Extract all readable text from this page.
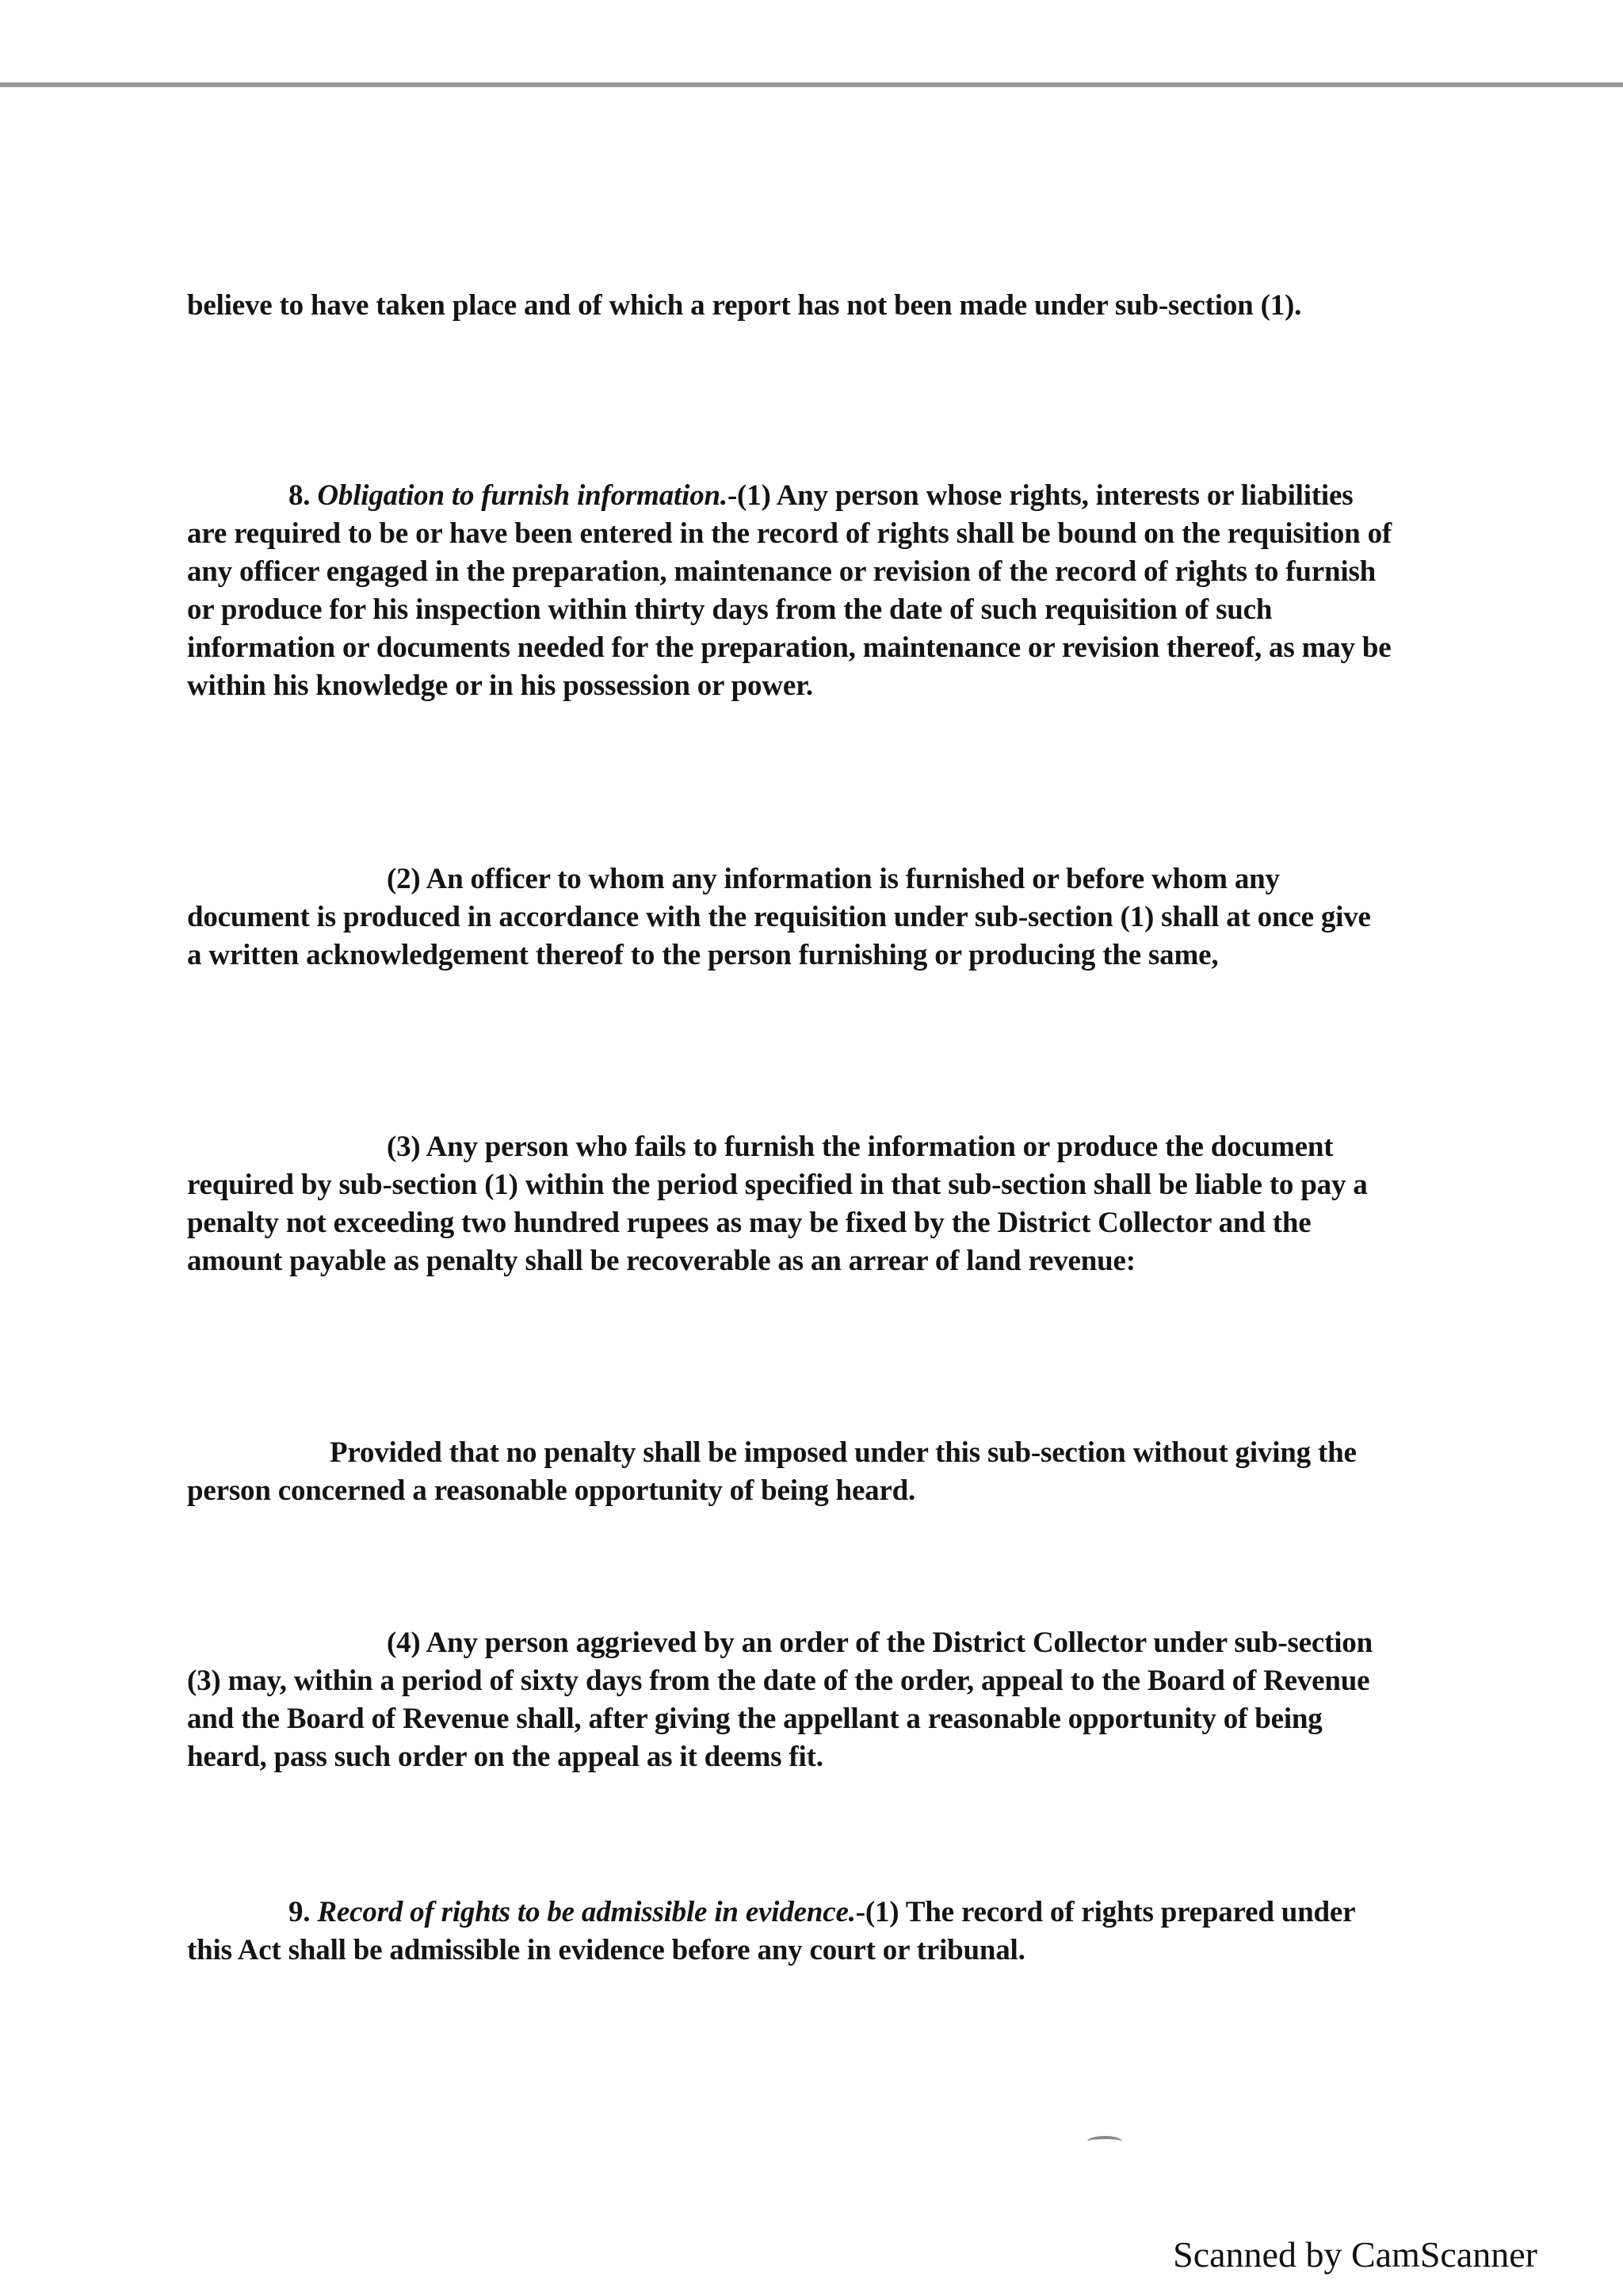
believe to have taken place and of which a report has not been made under sub-section (1).

8. Obligation to furnish information.-(1) Any person whose rights, interests or liabilities are required to be or have been entered in the record of rights shall be bound on the requisition of any officer engaged in the preparation, maintenance or revision of the record of rights to furnish or produce for his inspection within thirty days from the date of such requisition of such information or documents needed for the preparation, maintenance or revision thereof, as may be within his knowledge or in his possession or power.

(2) An officer to whom any information is furnished or before whom any document is produced in accordance with the requisition under sub-section (1) shall at once give a written acknowledgement thereof to the person furnishing or producing the same,

(3) Any person who fails to furnish the information or produce the document required by sub-section (1) within the period specified in that sub-section shall be liable to pay a penalty not exceeding two hundred rupees as may be fixed by the District Collector and the amount payable as penalty shall be recoverable as an arrear of land revenue:

Provided that no penalty shall be imposed under this sub-section without giving the person concerned a reasonable opportunity of being heard.

(4) Any person aggrieved by an order of the District Collector under sub-section (3) may, within a period of sixty days from the date of the order, appeal to the Board of Revenue and the Board of Revenue shall, after giving the appellant a reasonable opportunity of being heard, pass such order on the appeal as it deems fit.

9. Record of rights to be admissible in evidence.-(1) The record of rights prepared under this Act shall be admissible in evidence before any court or tribunal.

Scanned by CamScanner
